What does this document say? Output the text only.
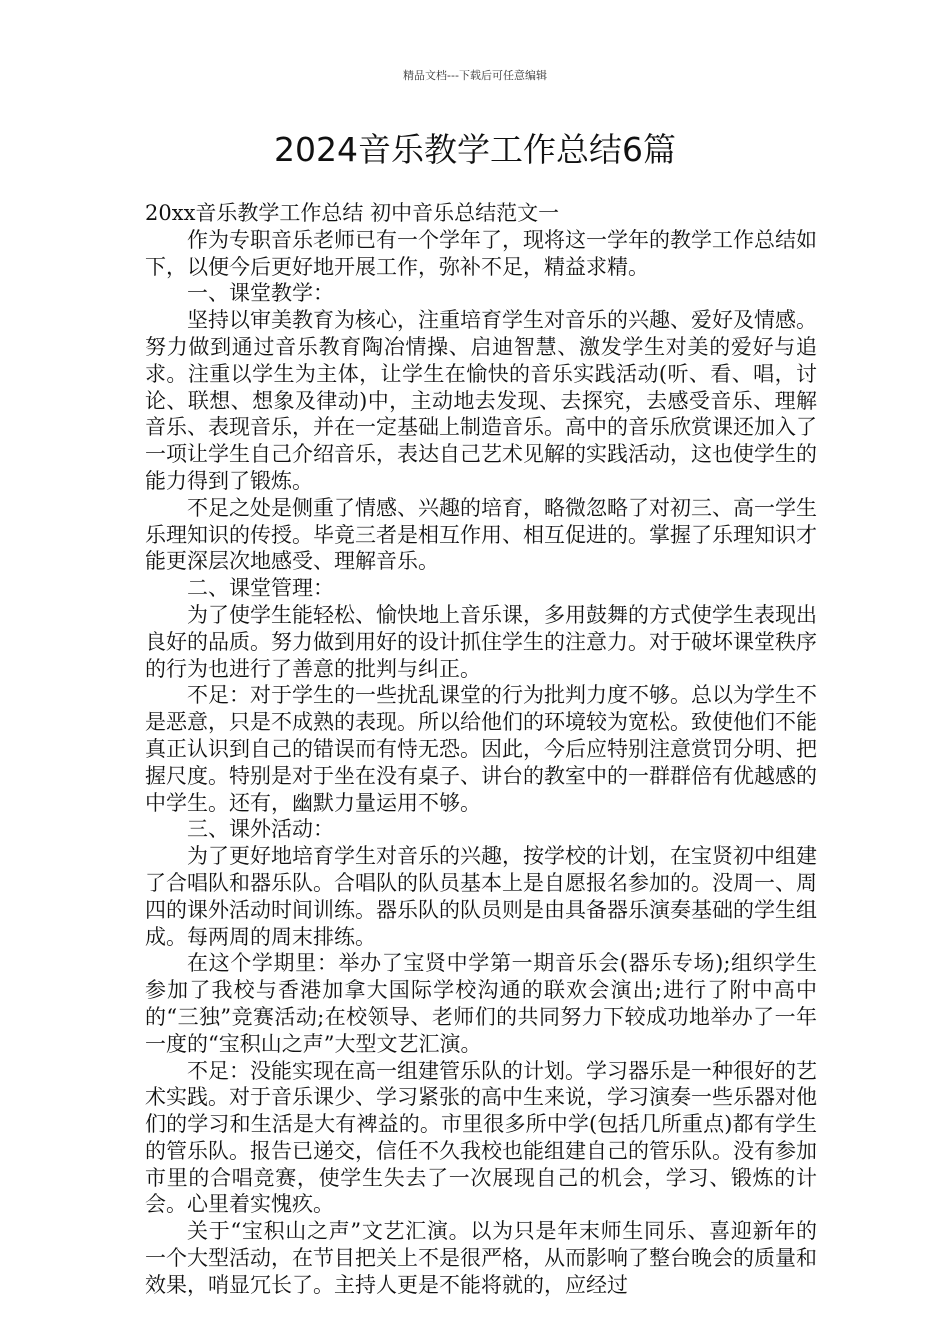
精品文档---下载后可任意编辑
2024音乐教学工作总结6篇

20xx音乐教学工作总结 初中音乐总结范文一

作为专职音乐老师已有一个学年了，现将这一学年的教学工作总结如下，以便今后更好地开展工作，弥补不足，精益求精。

一、课堂教学：

坚持以审美教育为核心，注重培育学生对音乐的兴趣、爱好及情感。努力做到通过音乐教育陶冶情操、启迪智慧、激发学生对美的爱好与追求。注重以学生为主体，让学生在愉快的音乐实践活动(听、看、唱，讨论、联想、想象及律动)中，主动地去发现、去探究，去感受音乐、理解音乐、表现音乐，并在一定基础上制造音乐。高中的音乐欣赏课还加入了一项让学生自己介绍音乐，表达自己艺术见解的实践活动，这也使学生的能力得到了锻炼。

不足之处是侧重了情感、兴趣的培育，略微忽略了对初三、高一学生乐理知识的传授。毕竟三者是相互作用、相互促进的。掌握了乐理知识才能更深层次地感受、理解音乐。

二、课堂管理：

为了使学生能轻松、愉快地上音乐课，多用鼓舞的方式使学生表现出良好的品质。努力做到用好的设计抓住学生的注意力。对于破坏课堂秩序的行为也进行了善意的批判与纠正。

不足：对于学生的一些扰乱课堂的行为批判力度不够。总以为学生不是恶意，只是不成熟的表现。所以给他们的环境较为宽松。致使他们不能真正认识到自己的错误而有恃无恐。因此，今后应特别注意赏罚分明、把握尺度。特别是对于坐在没有桌子、讲台的教室中的一群群倍有优越感的中学生。还有，幽默力量运用不够。

三、课外活动：

为了更好地培育学生对音乐的兴趣，按学校的计划，在宝贤初中组建了合唱队和器乐队。合唱队的队员基本上是自愿报名参加的。没周一、周四的课外活动时间训练。器乐队的队员则是由具备器乐演奏基础的学生组成。每两周的周末排练。

在这个学期里：举办了宝贤中学第一期音乐会(器乐专场);组织学生参加了我校与香港加拿大国际学校沟通的联欢会演出;进行了附中高中的“三独”竞赛活动;在校领导、老师们的共同努力下较成功地举办了一年一度的“宝积山之声”大型文艺汇演。

不足：没能实现在高一组建管乐队的计划。学习器乐是一种很好的艺术实践。对于音乐课少、学习紧张的高中生来说，学习演奏一些乐器对他们的学习和生活是大有裨益的。市里很多所中学(包括几所重点)都有学生的管乐队。报告已递交，信任不久我校也能组建自己的管乐队。没有参加市里的合唱竞赛，使学生失去了一次展现自己的机会，学习、锻炼的计会。心里着实愧疚。

关于“宝积山之声”文艺汇演。以为只是年末师生同乐、喜迎新年的一个大型活动，在节目把关上不是很严格，从而影响了整台晚会的质量和效果，哨显冗长了。主持人更是不能将就的，应经过
